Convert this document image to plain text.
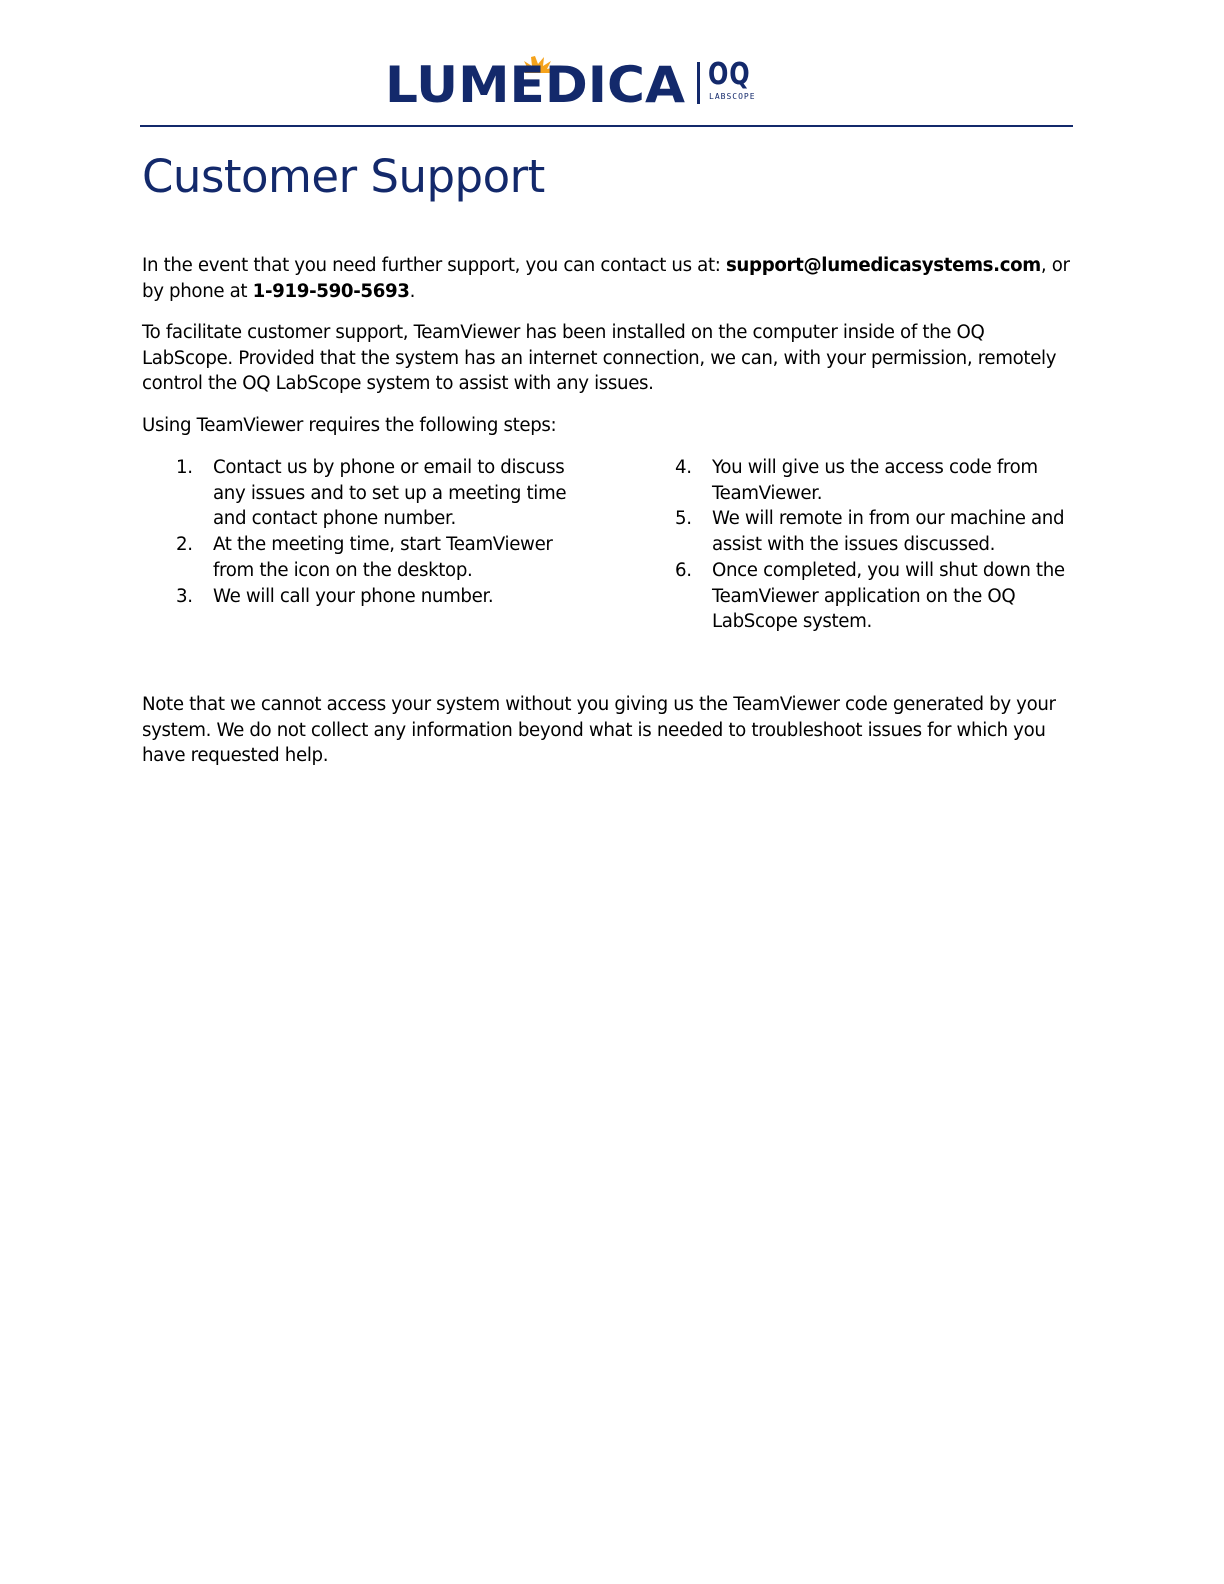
LUMEDICA OQ
LABSCOPE
Customer Support

In the event that you need further support, you can contact us at: support@lumedicasystems.com, or by phone at 1-919-590-5693.

To facilitate customer support, TeamViewer has been installed on the computer inside of the OQ LabScope. Provided that the system has an internet connection, we can, with your permission, remotely control the OQ LabScope system to assist with any issues.

Using TeamViewer requires the following steps:

1. Contact us by phone or email to discuss any issues and to set up a meeting time and contact phone number.
2. At the meeting time, start TeamViewer from the icon on the desktop.
3. We will call your phone number.
4. You will give us the access code from TeamViewer.
5. We will remote in from our machine and assist with the issues discussed.
6. Once completed, you will shut down the TeamViewer application on the OQ LabScope system.

Note that we cannot access your system without you giving us the TeamViewer code generated by your system. We do not collect any information beyond what is needed to troubleshoot issues for which you have requested help.
